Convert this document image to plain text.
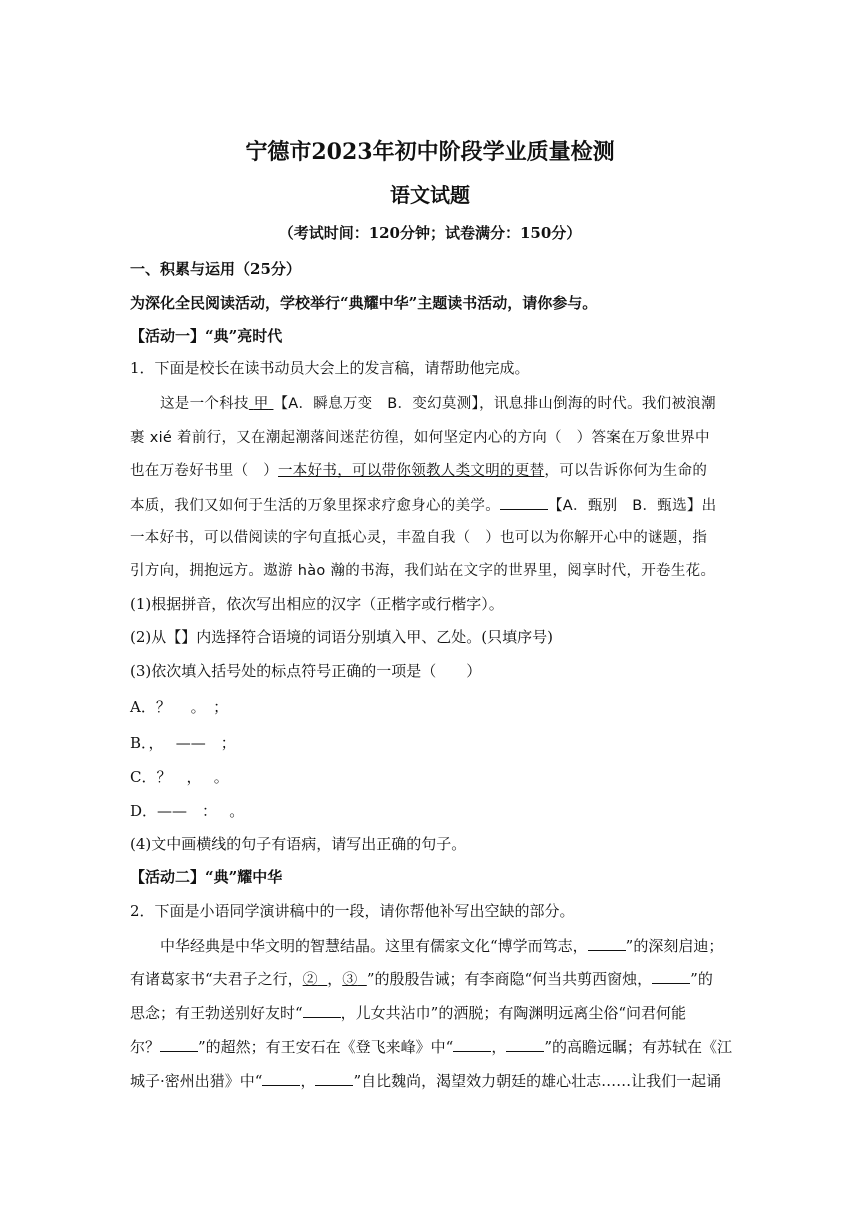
宁德市2023年初中阶段学业质量检测
语文试题
（考试时间：120分钟；试卷满分：150分）
一、积累与运用（25分）
为深化全民阅读活动，学校举行“典耀中华”主题读书活动，请你参与。
【活动一】“典”亮时代
1．下面是校长在读书动员大会上的发言稿，请帮助他完成。
这是一个科技 甲 【A．瞬息万变　B．变幻莫测】，讯息排山倒海的时代。我们被浪潮
裹 xié 着前行，又在潮起潮落间迷茫彷徨，如何坚定内心的方向（　）答案在万象世界中
也在万卷好书里（　）一本好书，可以带你领教人类文明的更替，可以告诉你何为生命的
本质，我们又如何于生活的万象里探求疗愈身心的美学。	【A．甄别　B．甄选】出
一本好书，可以借阅读的字句直抵心灵，丰盈自我（　）也可以为你解开心中的谜题，指
引方向，拥抱远方。遨游 hào 瀚的书海，我们站在文字的世界里，阅享时代，开卷生花。
(1)根据拼音，依次写出相应的汉字（正楷字或行楷字）。
(2)从【】内选择符合语境的词语分别填入甲、乙处。(只填序号)
(3)依次填入括号处的标点符号正确的一项是（　　）
A．？　 。　；
B．，　 ——　；
C．？　，　 。
D．——　：　 。
(4)文中画横线的句子有语病，请写出正确的句子。
【活动二】“典”耀中华
2．下面是小语同学演讲稿中的一段，请你帮他补写出空缺的部分。
中华经典是中华文明的智慧结晶。这里有儒家文化“博学而笃志，	”的深刻启迪；
有诸葛家书“夫君子之行，② ，③ ”的殷殷告诫；有李商隐“何当共剪西窗烛，	”的
思念；有王勃送别好友时“	，儿女共沾巾”的洒脱；有陶渊明远离尘俗“问君何能
尔？	”的超然；有王安石在《登飞来峰》中“	，	”的高瞻远瞩；有苏轼在《江
城子·密州出猎》中“	，	”自比魏尚，渴望效力朝廷的雄心壮志……让我们一起诵
